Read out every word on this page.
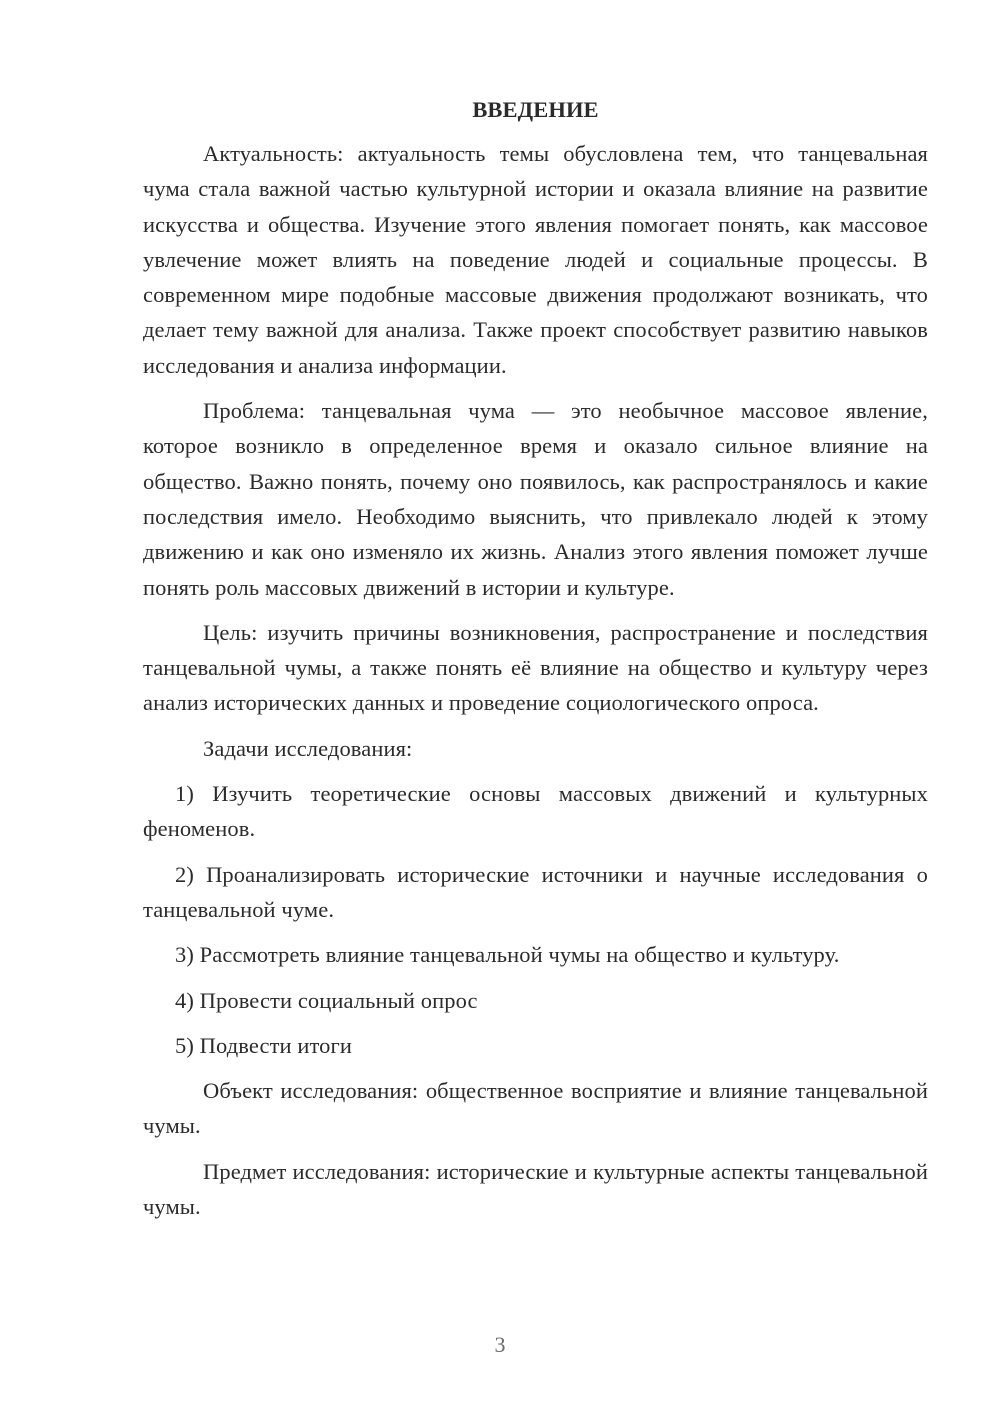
ВВЕДЕНИЕ

Актуальность: актуальность темы обусловлена тем, что танцевальная чума стала важной частью культурной истории и оказала влияние на развитие искусства и общества. Изучение этого явления помогает понять, как массовое увлечение может влиять на поведение людей и социальные процессы. В современном мире подобные массовые движения продолжают возникать, что делает тему важной для анализа. Также проект способствует развитию навыков исследования и анализа информации.

Проблема: танцевальная чума — это необычное массовое явление, которое возникло в определенное время и оказало сильное влияние на общество. Важно понять, почему оно появилось, как распространялось и какие последствия имело. Необходимо выяснить, что привлекало людей к этому движению и как оно изменяло их жизнь. Анализ этого явления поможет лучше понять роль массовых движений в истории и культуре.

Цель: изучить причины возникновения, распространение и последствия танцевальной чумы, а также понять её влияние на общество и культуру через анализ исторических данных и проведение социологического опроса.

Задачи исследования:

1) Изучить теоретические основы массовых движений и культурных феноменов.

2) Проанализировать исторические источники и научные исследования о танцевальной чуме.

3) Рассмотреть влияние танцевальной чумы на общество и культуру.

4) Провести социальный опрос

5) Подвести итоги

Объект исследования: общественное восприятие и влияние танцевальной чумы.

Предмет исследования: исторические и культурные аспекты танцевальной чумы.

3
